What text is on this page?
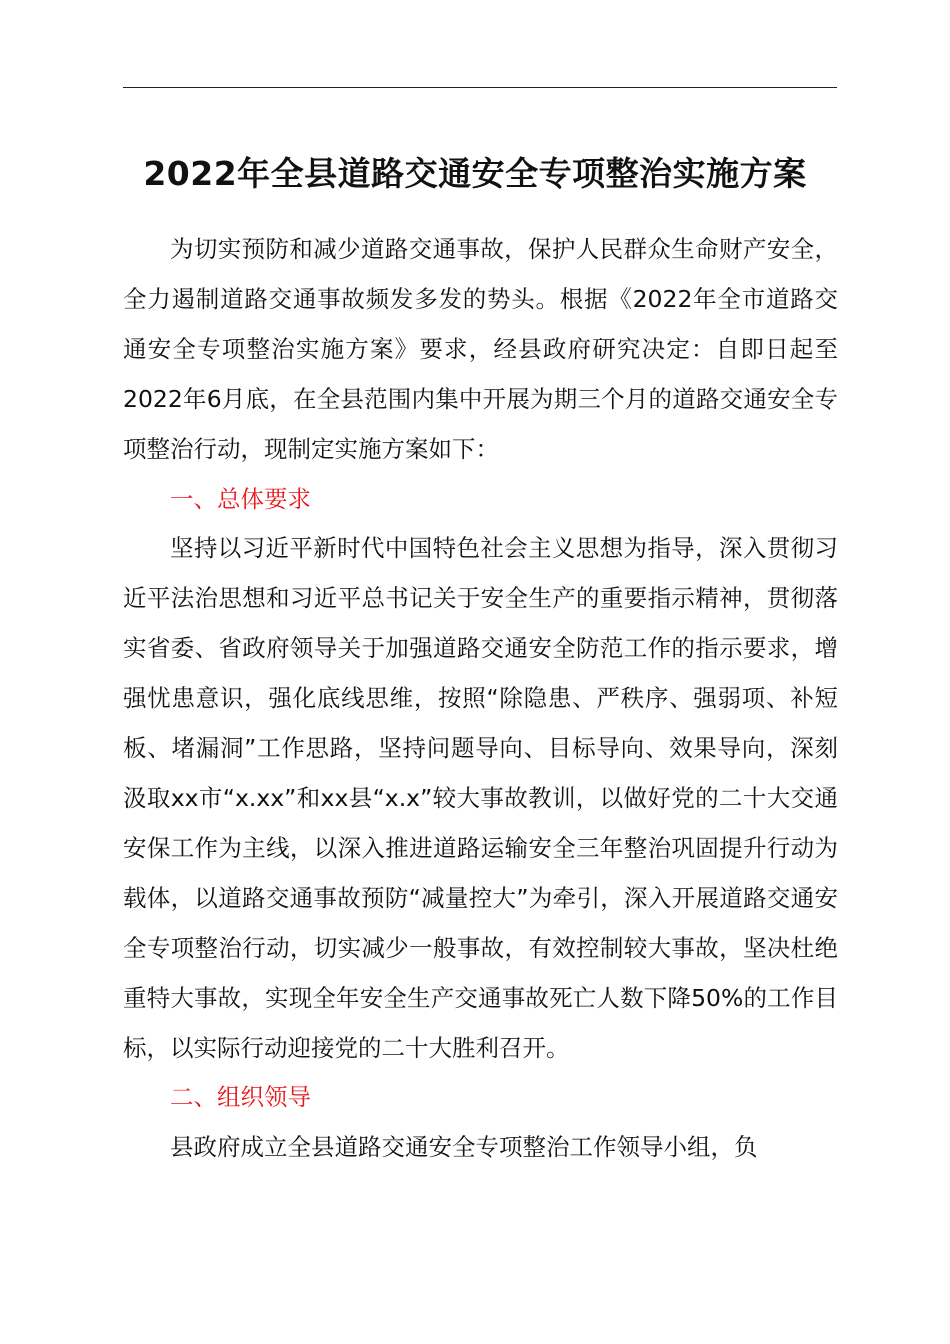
2022年全县道路交通安全专项整治实施方案

为切实预防和减少道路交通事故，保护人民群众生命财产安全，全力遏制道路交通事故频发多发的势头。根据《2022年全市道路交通安全专项整治实施方案》要求，经县政府研究决定：自即日起至2022年6月底，在全县范围内集中开展为期三个月的道路交通安全专项整治行动，现制定实施方案如下：

一、总体要求

坚持以习近平新时代中国特色社会主义思想为指导，深入贯彻习近平法治思想和习近平总书记关于安全生产的重要指示精神，贯彻落实省委、省政府领导关于加强道路交通安全防范工作的指示要求，增强忧患意识，强化底线思维，按照“除隐患、严秩序、强弱项、补短板、堵漏洞”工作思路，坚持问题导向、目标导向、效果导向，深刻汲取xx市“x.xx”和xx县“x.x”较大事故教训，以做好党的二十大交通安保工作为主线，以深入推进道路运输安全三年整治巩固提升行动为载体，以道路交通事故预防“减量控大”为牵引，深入开展道路交通安全专项整治行动，切实减少一般事故，有效控制较大事故，坚决杜绝重特大事故，实现全年安全生产交通事故死亡人数下降50%的工作目标，以实际行动迎接党的二十大胜利召开。

二、组织领导

县政府成立全县道路交通安全专项整治工作领导小组，负
